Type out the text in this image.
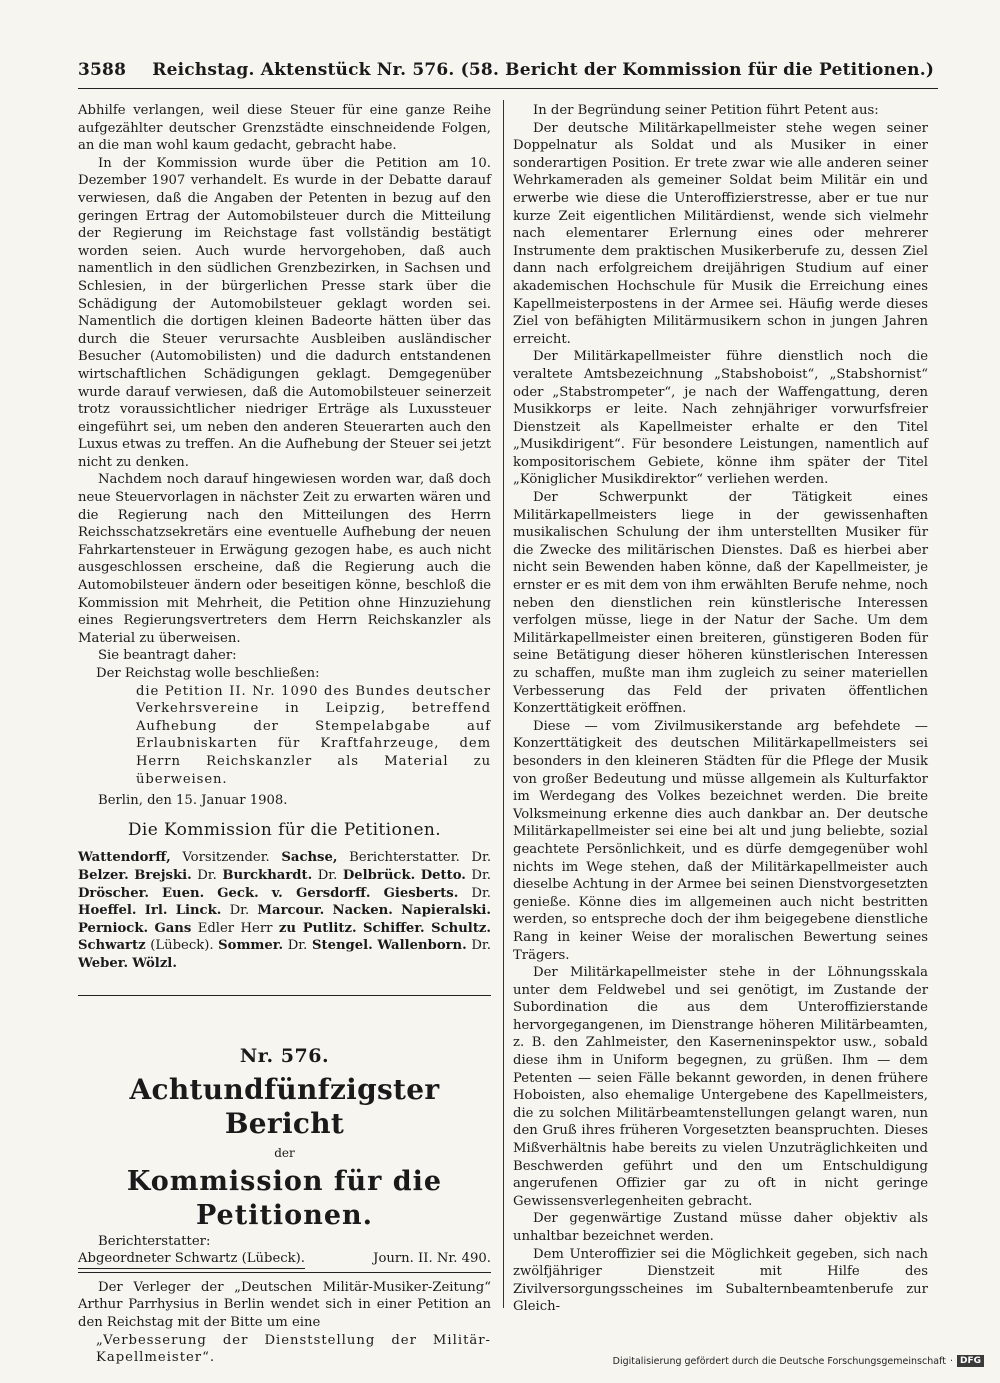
3588 Reichstag. Aktenstück Nr. 576. (58. Bericht der Kommission für die Petitionen.)

Abhilfe verlangen, weil diese Steuer für eine ganze Reihe aufgezählter deutscher Grenzstädte einschneidende Folgen, an die man wohl kaum gedacht, gebracht habe.

In der Kommission wurde über die Petition am 10. Dezember 1907 verhandelt. Es wurde in der Debatte darauf verwiesen, daß die Angaben der Petenten in bezug auf den geringen Ertrag der Automobilsteuer durch die Mitteilung der Regierung im Reichstage fast vollständig bestätigt worden seien. Auch wurde hervorgehoben, daß auch namentlich in den südlichen Grenzbezirken, in Sachsen und Schlesien, in der bürgerlichen Presse stark über die Schädigung der Automobilsteuer geklagt worden sei. Namentlich die dortigen kleinen Badeorte hätten über das durch die Steuer verursachte Ausbleiben ausländischer Besucher (Automobilisten) und die dadurch entstandenen wirtschaftlichen Schädigungen geklagt. Demgegenüber wurde darauf verwiesen, daß die Automobilsteuer seinerzeit trotz voraussichtlicher niedriger Erträge als Luxussteuer eingeführt sei, um neben den anderen Steuerarten auch den Luxus etwas zu treffen. An die Aufhebung der Steuer sei jetzt nicht zu denken.

Nachdem noch darauf hingewiesen worden war, daß doch neue Steuervorlagen in nächster Zeit zu erwarten wären und die Regierung nach den Mitteilungen des Herrn Reichsschatzsekretärs eine eventuelle Aufhebung der neuen Fahrkartensteuer in Erwägung gezogen habe, es auch nicht ausgeschlossen erscheine, daß die Regierung auch die Automobilsteuer ändern oder beseitigen könne, beschloß die Kommission mit Mehrheit, die Petition ohne Hinzuziehung eines Regierungsvertreters dem Herrn Reichskanzler als Material zu überweisen.

Sie beantragt daher:

Der Reichstag wolle beschließen:

die Petition II. Nr. 1090 des Bundes deutscher Verkehrsvereine in Leipzig, betreffend Aufhebung der Stempelabgabe auf Erlaubniskarten für Kraftfahrzeuge, dem Herrn Reichskanzler als Material zu überweisen.

Berlin, den 15. Januar 1908.

Die Kommission für die Petitionen.
Wattendorff, Vorsitzender. Sachse, Berichterstatter. Dr. Belzer. Brejski. Dr. Burckhardt. Dr. Delbrück. Detto. Dr. Dröscher. Euen. Geck. v. Gersdorff. Giesberts. Dr. Hoeffel. Irl. Linck. Dr. Marcour. Nacken. Napieralski. Perniock. Gans Edler Herr zu Putlitz. Schiffer. Schultz. Schwartz (Lübeck). Sommer. Dr. Stengel. Wallenborn. Dr. Weber. Wölzl.
Nr. 576.
Achtundfünfzigster Bericht
der
Kommission für die Petitionen.

Berichterstatter:

Abgeordneter Schwartz (Lübeck).	Journ. II. Nr. 490.

Der Verleger der „Deutschen Militär-Musiker-Zeitung“ Arthur Parrhysius in Berlin wendet sich in einer Petition an den Reichstag mit der Bitte um eine

„Verbesserung der Dienststellung der Militär-Kapellmeister“.

In der Begründung seiner Petition führt Petent aus:

Der deutsche Militärkapellmeister stehe wegen seiner Doppelnatur als Soldat und als Musiker in einer sonderartigen Position. Er trete zwar wie alle anderen seiner Wehrkameraden als gemeiner Soldat beim Militär ein und erwerbe wie diese die Unteroffizierstresse, aber er tue nur kurze Zeit eigentlichen Militärdienst, wende sich vielmehr nach elementarer Erlernung eines oder mehrerer Instrumente dem praktischen Musikerberufe zu, dessen Ziel dann nach erfolgreichem dreijährigen Studium auf einer akademischen Hochschule für Musik die Erreichung eines Kapellmeisterpostens in der Armee sei. Häufig werde dieses Ziel von befähigten Militärmusikern schon in jungen Jahren erreicht.

Der Militärkapellmeister führe dienstlich noch die veraltete Amtsbezeichnung „Stabshoboist“, „Stabshornist“ oder „Stabstrompeter“, je nach der Waffengattung, deren Musikkorps er leite. Nach zehnjähriger vorwurfsfreier Dienstzeit als Kapellmeister erhalte er den Titel „Musikdirigent“. Für besondere Leistungen, namentlich auf kompositorischem Gebiete, könne ihm später der Titel „Königlicher Musikdirektor“ verliehen werden.

Der Schwerpunkt der Tätigkeit eines Militärkapellmeisters liege in der gewissenhaften musikalischen Schulung der ihm unterstellten Musiker für die Zwecke des militärischen Dienstes. Daß es hierbei aber nicht sein Bewenden haben könne, daß der Kapellmeister, je ernster er es mit dem von ihm erwählten Berufe nehme, noch neben den dienstlichen rein künstlerische Interessen verfolgen müsse, liege in der Natur der Sache. Um dem Militärkapellmeister einen breiteren, günstigeren Boden für seine Betätigung dieser höheren künstlerischen Interessen zu schaffen, mußte man ihm zugleich zu seiner materiellen Verbesserung das Feld der privaten öffentlichen Konzerttätigkeit eröffnen.

Diese — vom Zivilmusikerstande arg befehdete — Konzerttätigkeit des deutschen Militärkapellmeisters sei besonders in den kleineren Städten für die Pflege der Musik von großer Bedeutung und müsse allgemein als Kulturfaktor im Werdegang des Volkes bezeichnet werden. Die breite Volksmeinung erkenne dies auch dankbar an. Der deutsche Militärkapellmeister sei eine bei alt und jung beliebte, sozial geachtete Persönlichkeit, und es dürfe demgegenüber wohl nichts im Wege stehen, daß der Militärkapellmeister auch dieselbe Achtung in der Armee bei seinen Dienstvorgesetzten genieße. Könne dies im allgemeinen auch nicht bestritten werden, so entspreche doch der ihm beigegebene dienstliche Rang in keiner Weise der moralischen Bewertung seines Trägers.

Der Militärkapellmeister stehe in der Löhnungsskala unter dem Feldwebel und sei genötigt, im Zustande der Subordination die aus dem Unteroffizierstande hervorgegangenen, im Dienstrange höheren Militärbeamten, z. B. den Zahlmeister, den Kaserneninspektor usw., sobald diese ihm in Uniform begegnen, zu grüßen. Ihm — dem Petenten — seien Fälle bekannt geworden, in denen frühere Hoboisten, also ehemalige Untergebene des Kapellmeisters, die zu solchen Militärbeamtenstellungen gelangt waren, nun den Gruß ihres früheren Vorgesetzten beanspruchten. Dieses Mißverhältnis habe bereits zu vielen Unzuträglichkeiten und Beschwerden geführt und den um Entschuldigung angerufenen Offizier gar zu oft in nicht geringe Gewissensverlegenheiten gebracht.

Der gegenwärtige Zustand müsse daher objektiv als unhaltbar bezeichnet werden.

Dem Unteroffizier sei die Möglichkeit gegeben, sich nach zwölfjähriger Dienstzeit mit Hilfe des Zivilversorgungsscheines im Subalternbeamtenberufe zur Gleich-

Digitalisierung gefördert durch die Deutsche Forschungsgemeinschaft · DFG
